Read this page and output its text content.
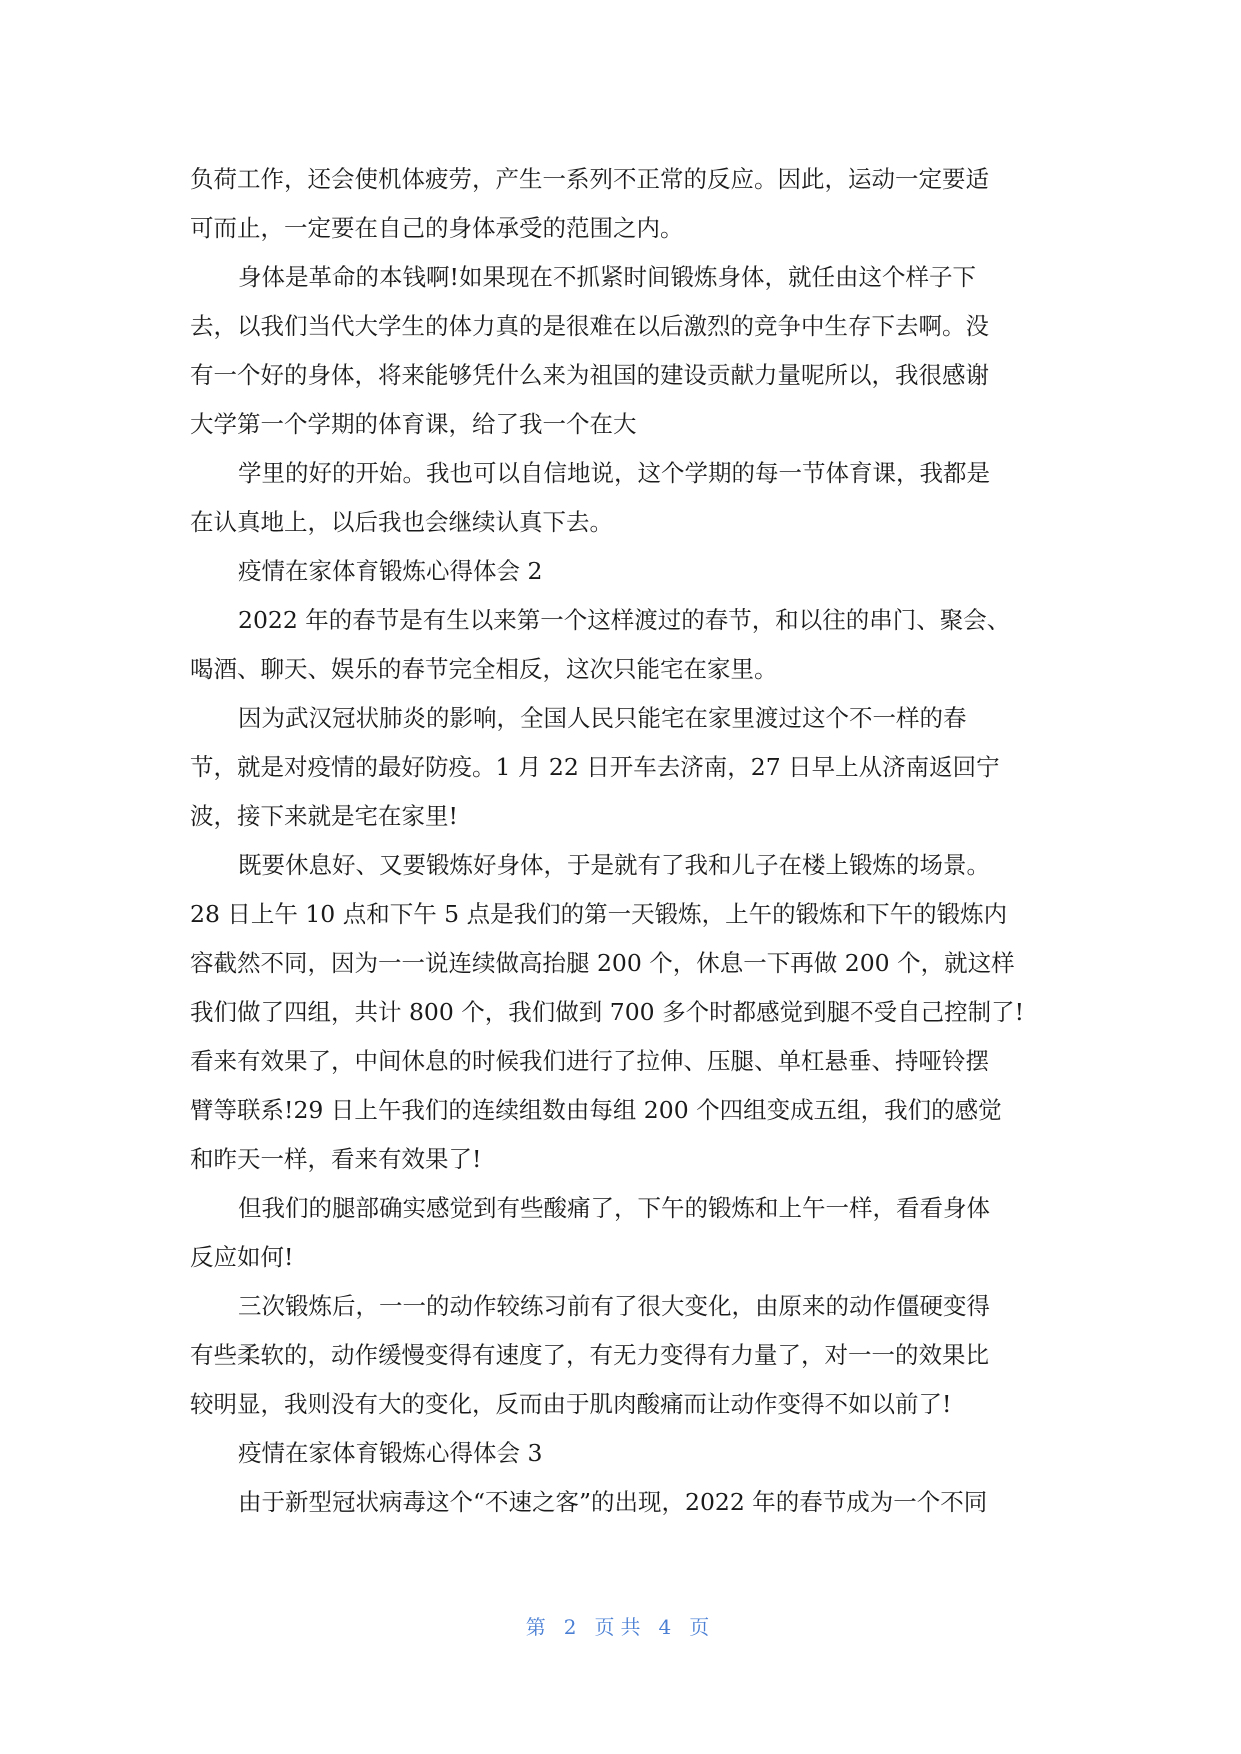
负荷工作，还会使机体疲劳，产生一系列不正常的反应。因此，运动一定要适
可而止，一定要在自己的身体承受的范围之内。
身体是革命的本钱啊!如果现在不抓紧时间锻炼身体，就任由这个样子下
去，以我们当代大学生的体力真的是很难在以后激烈的竞争中生存下去啊。没
有一个好的身体，将来能够凭什么来为祖国的建设贡献力量呢所以，我很感谢
大学第一个学期的体育课，给了我一个在大
学里的好的开始。我也可以自信地说，这个学期的每一节体育课，我都是
在认真地上，以后我也会继续认真下去。
疫情在家体育锻炼心得体会 2
2022 年的春节是有生以来第一个这样渡过的春节，和以往的串门、聚会、
喝酒、聊天、娱乐的春节完全相反，这次只能宅在家里。
因为武汉冠状肺炎的影响，全国人民只能宅在家里渡过这个不一样的春
节，就是对疫情的最好防疫。1 月 22 日开车去济南，27 日早上从济南返回宁
波，接下来就是宅在家里!
既要休息好、又要锻炼好身体，于是就有了我和儿子在楼上锻炼的场景。
28 日上午 10 点和下午 5 点是我们的第一天锻炼，上午的锻炼和下午的锻炼内
容截然不同，因为一一说连续做高抬腿 200 个，休息一下再做 200 个，就这样
我们做了四组，共计 800 个，我们做到 700 多个时都感觉到腿不受自己控制了!
看来有效果了，中间休息的时候我们进行了拉伸、压腿、单杠悬垂、持哑铃摆
臂等联系!29 日上午我们的连续组数由每组 200 个四组变成五组，我们的感觉
和昨天一样，看来有效果了!
但我们的腿部确实感觉到有些酸痛了，下午的锻炼和上午一样，看看身体
反应如何!
三次锻炼后，一一的动作较练习前有了很大变化，由原来的动作僵硬变得
有些柔软的，动作缓慢变得有速度了，有无力变得有力量了，对一一的效果比
较明显，我则没有大的变化，反而由于肌肉酸痛而让动作变得不如以前了!
疫情在家体育锻炼心得体会 3
由于新型冠状病毒这个“不速之客”的出现，2022 年的春节成为一个不同
第 2 页共 4 页
